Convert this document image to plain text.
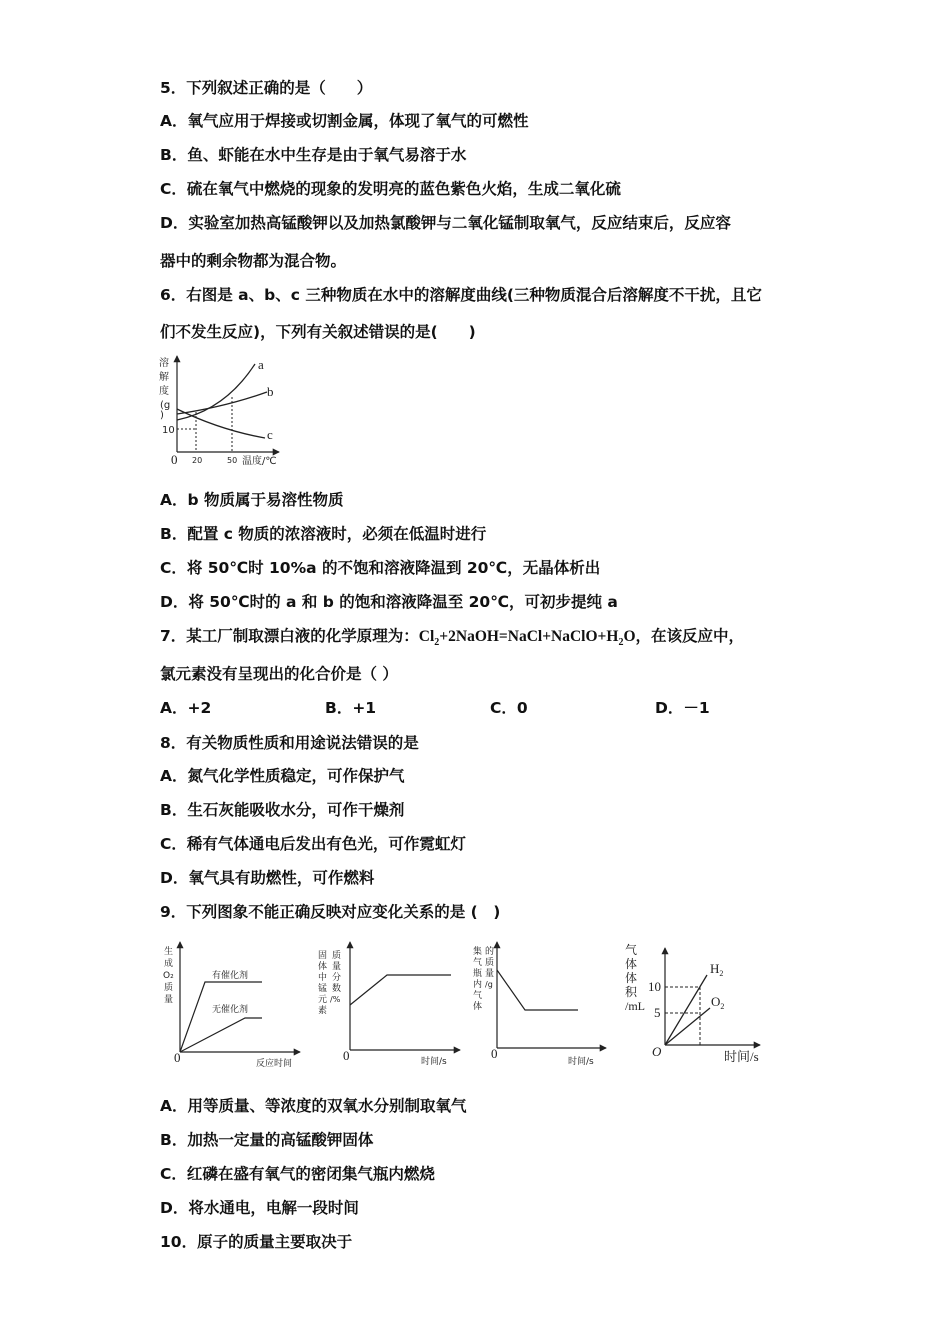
5．下列叙述正确的是（　　）
A．氧气应用于焊接或切割金属，体现了氧气的可燃性
B．鱼、虾能在水中生存是由于氧气易溶于水
C．硫在氧气中燃烧的现象的发明亮的蓝色紫色火焰，生成二氧化硫
D．实验室加热高锰酸钾以及加热氯酸钾与二氧化锰制取氧气，反应结束后，反应容
器中的剩余物都为混合物。
6．右图是 a、b、c 三种物质在水中的溶解度曲线(三种物质混合后溶解度不干扰，且它
们不发生反应)，下列有关叙述错误的是(　　)
溶
解
度
(g
)
10
0 20	50 温度/℃
a
b
c
A．b 物质属于易溶性物质
B．配置 c 物质的浓溶液时，必须在低温时进行
C．将 50℃时 10%a 的不饱和溶液降温到 20℃，无晶体析出
D．将 50℃时的 a 和 b 的饱和溶液降温至 20℃，可初步提纯 a
7．某工厂制取漂白液的化学原理为：$Cl_2+2NaOH=NaCl+NaClO+H_2O$，在该反应中，
氯元素没有呈现出的化合价是（ ）
A．+2	B．+1	C．0	D．－1
8．有关物质性质和用途说法错误的是
A．氮气化学性质稳定，可作保护气
B．生石灰能吸收水分，可作干燥剂
C．稀有气体通电后发出有色光，可作霓虹灯
D．氧气具有助燃性，可作燃料
9．下列图象不能正确反映对应变化关系的是 (　)
生
成
O₂
质
量
0	反应时间
有催化剂
无催化剂
固
体
中
锰
元
素
质
量
分
数
/%
0	时间/s
集
气
瓶
内
气
体
的
质
量
/g
0
时间/s
气
体
体
积
/mL
10
5
O	时间/s
$H_2$
$O_2$
A．用等质量、等浓度的双氧水分别制取氧气
B．加热一定量的高锰酸钾固体
C．红磷在盛有氧气的密闭集气瓶内燃烧
D．将水通电，电解一段时间
10．原子的质量主要取决于
